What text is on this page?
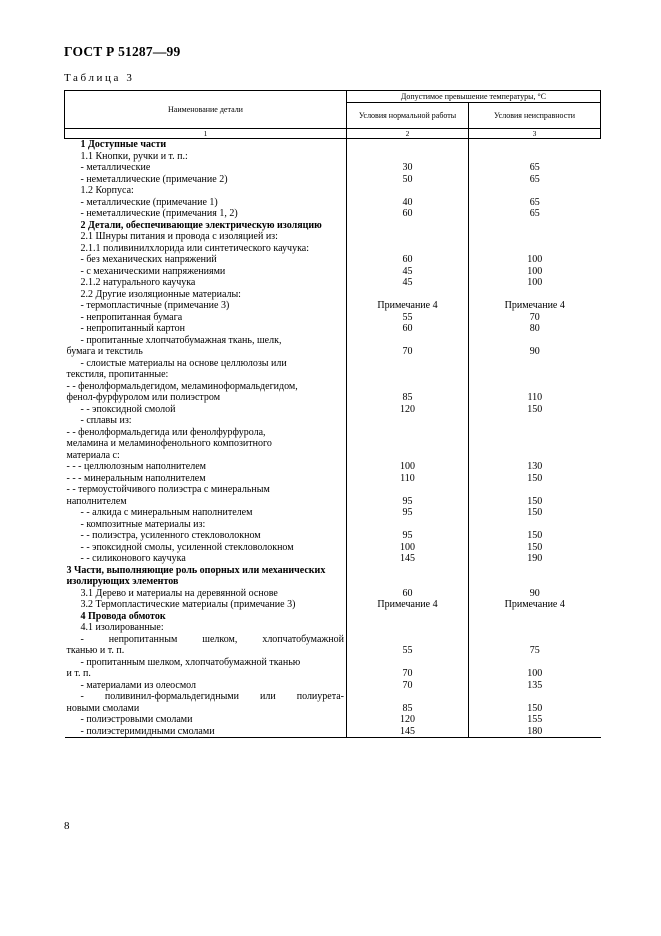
ГОСТ Р 51287—99
Таблица 3
Наименование детали	Допустимое превышение температуры, °C	
	Условия нормальной работы	Условия неисправности
1	2	3
1 Доступные части		
1.1 Кнопки, ручки и т. п.:		
- металлические	30	65
- неметаллические (примечание 2)	50	65
1.2 Корпуса:		
- металлические (примечание 1)	40	65
- неметаллические (примечания 1, 2)	60	65
2 Детали, обеспечивающие электрическую изоляцию		
2.1 Шнуры питания и провода с изоляцией из:		
2.1.1 поливинилхлорида или синтетического каучука:		
- без механических напряжений	60	100
- с механическими напряжениями	45	100
2.1.2 натурального каучука	45	100
2.2 Другие изоляционные материалы:		
- термопластичные (примечание 3)	Примечание 4	Примечание 4
- непропитанная бумага	55	70
- непропитанный картон	60	80
- пропитанные хлопчатобумажная ткань, шелк,		
бумага и текстиль	70	90
- слоистые материалы на основе целлюлозы или		
текстиля, пропитанные:		
- - фенолформальдегидом, меламиноформальдегидом,		
фенол-фурфуролом или полиэстром	85	110
- - эпоксидной смолой	120	150
- сплавы из:		
- - фенолформальдегида или фенолфурфурола,		
меламина и меламинофенольного композитного		
материала с:		
- - - целлюлозным наполнителем	100	130
- - - минеральным наполнителем	110	150
- - термоустойчивого полиэстра с минеральным		
наполнителем	95	150
- - алкида с минеральным наполнителем	95	150
- композитные материалы из:		
- - полиэстра, усиленного стекловолокном	95	150
- - эпоксидной смолы, усиленной стекловолокном	100	150
- - силиконового каучука	145	190
3 Части, выполняющие роль опорных или механических		
изолирующих элементов		
3.1 Дерево и материалы на деревянной основе	60	90
3.2 Термопластические материалы (примечание 3)	Примечание 4	Примечание 4
4 Провода обмоток		
4.1 изолированные:		
- непропитанным шелком, хлопчатобумажной		
тканью и т. п.	55	75
- пропитанным шелком, хлопчатобумажной тканью		
и т. п.	70	100
- материалами из олеосмол	70	135
- поливинил-формальдегидными или полиурета-		
новыми смолами	85	150
- полиэстровыми смолами	120	155
- полиэстеримидными смолами	145	180
8
